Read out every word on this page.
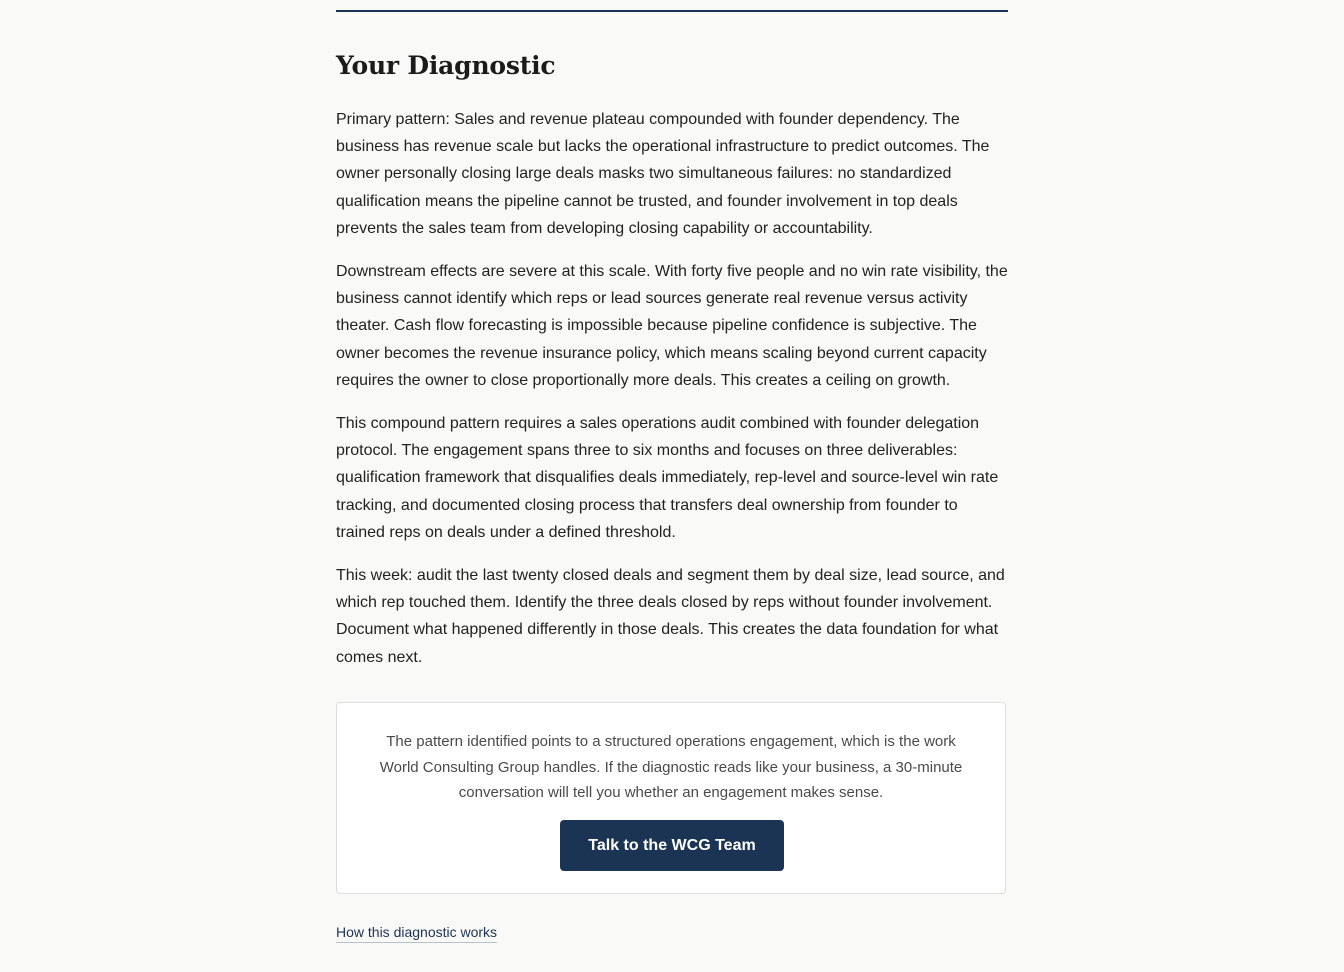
Your Diagnostic

Primary pattern: Sales and revenue plateau compounded with founder dependency. The business has revenue scale but lacks the operational infrastructure to predict outcomes. The owner personally closing large deals masks two simultaneous failures: no standardized qualification means the pipeline cannot be trusted, and founder involvement in top deals prevents the sales team from developing closing capability or accountability.

Downstream effects are severe at this scale. With forty five people and no win rate visibility, the business cannot identify which reps or lead sources generate real revenue versus activity theater. Cash flow forecasting is impossible because pipeline confidence is subjective. The owner becomes the revenue insurance policy, which means scaling beyond current capacity requires the owner to close proportionally more deals. This creates a ceiling on growth.

This compound pattern requires a sales operations audit combined with founder delegation protocol. The engagement spans three to six months and focuses on three deliverables: qualification framework that disqualifies deals immediately, rep-level and source-level win rate tracking, and documented closing process that transfers deal ownership from founder to trained reps on deals under a defined threshold.

This week: audit the last twenty closed deals and segment them by deal size, lead source, and which rep touched them. Identify the three deals closed by reps without founder involvement. Document what happened differently in those deals. This creates the data foundation for what comes next.

The pattern identified points to a structured operations engagement, which is the work World Consulting Group handles. If the diagnostic reads like your business, a 30-minute conversation will tell you whether an engagement makes sense.

Talk to the WCG Team
How this diagnostic works
